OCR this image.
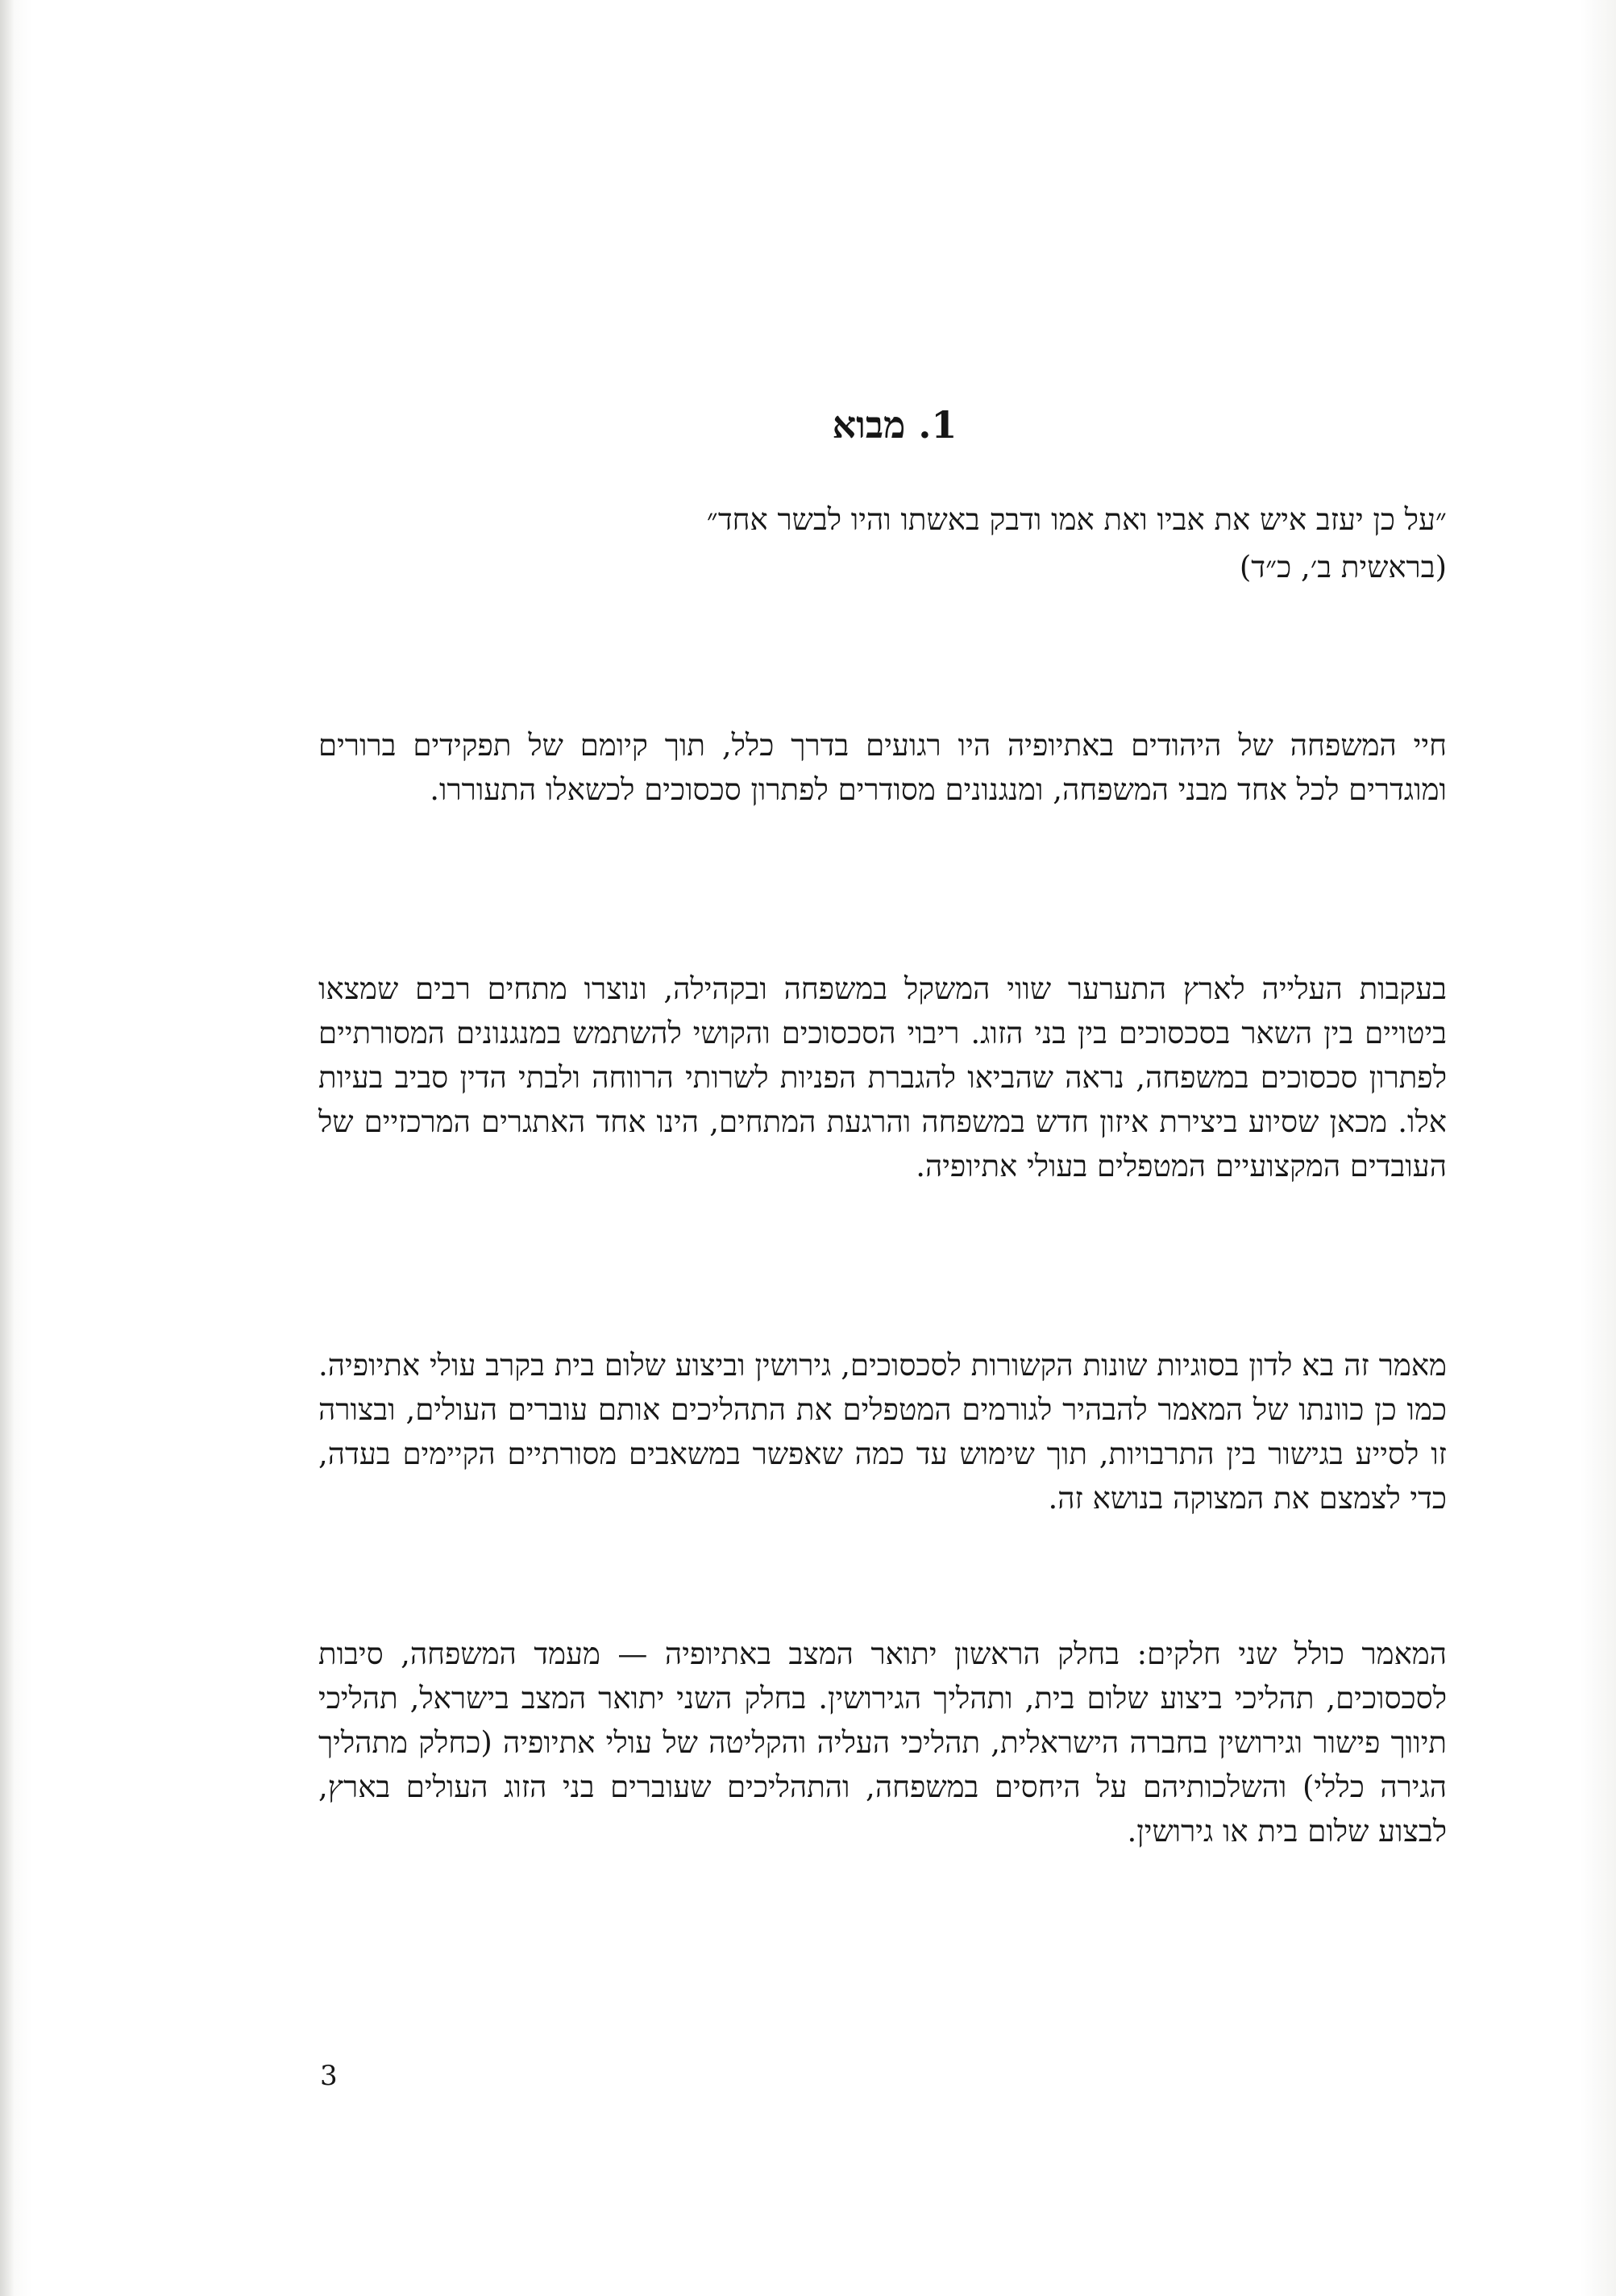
1. מבוא
״על כן יעזב איש את אביו ואת אמו ודבק באשתו והיו לבשר אחד״
(בראשית ב׳, כ״ד)

חיי המשפחה של היהודים באתיופיה היו רגועים בדרך כלל, תוך קיומם של תפקידים ברורים ומוגדרים לכל אחד מבני המשפחה, ומנגנונים מסודרים לפתרון סכסוכים לכשאלו התעוררו.

בעקבות העלייה לארץ התערער שווי המשקל במשפחה ובקהילה, ונוצרו מתחים רבים שמצאו ביטויים בין השאר בסכסוכים בין בני הזוג. ריבוי הסכסוכים והקושי להשתמש במנגנונים המסורתיים לפתרון סכסוכים במשפחה, נראה שהביאו להגברת הפניות לשרותי הרווחה ולבתי הדין סביב בעיות אלו. מכאן שסיוע ביצירת איזון חדש במשפחה והרגעת המתחים, הינו אחד האתגרים המרכזיים של העובדים המקצועיים המטפלים בעולי אתיופיה.

מאמר זה בא לדון בסוגיות שונות הקשורות לסכסוכים, גירושין וביצוע שלום בית בקרב עולי אתיופיה. כמו כן כוונתו של המאמר להבהיר לגורמים המטפלים את התהליכים אותם עוברים העולים, ובצורה זו לסייע בגישור בין התרבויות, תוך שימוש עד כמה שאפשר במשאבים מסורתיים הקיימים בעדה, כדי לצמצם את המצוקה בנושא זה.

המאמר כולל שני חלקים: בחלק הראשון יתואר המצב באתיופיה — מעמד המשפחה, סיבות לסכסוכים, תהליכי ביצוע שלום בית, ותהליך הגירושין. בחלק השני יתואר המצב בישראל, תהליכי תיווך פישור וגירושין בחברה הישראלית, תהליכי העליה והקליטה של עולי אתיופיה (כחלק מתהליך הגירה כללי) והשלכותיהם על היחסים במשפחה, והתהליכים שעוברים בני הזוג העולים בארץ, לבצוע שלום בית או גירושין.

3
